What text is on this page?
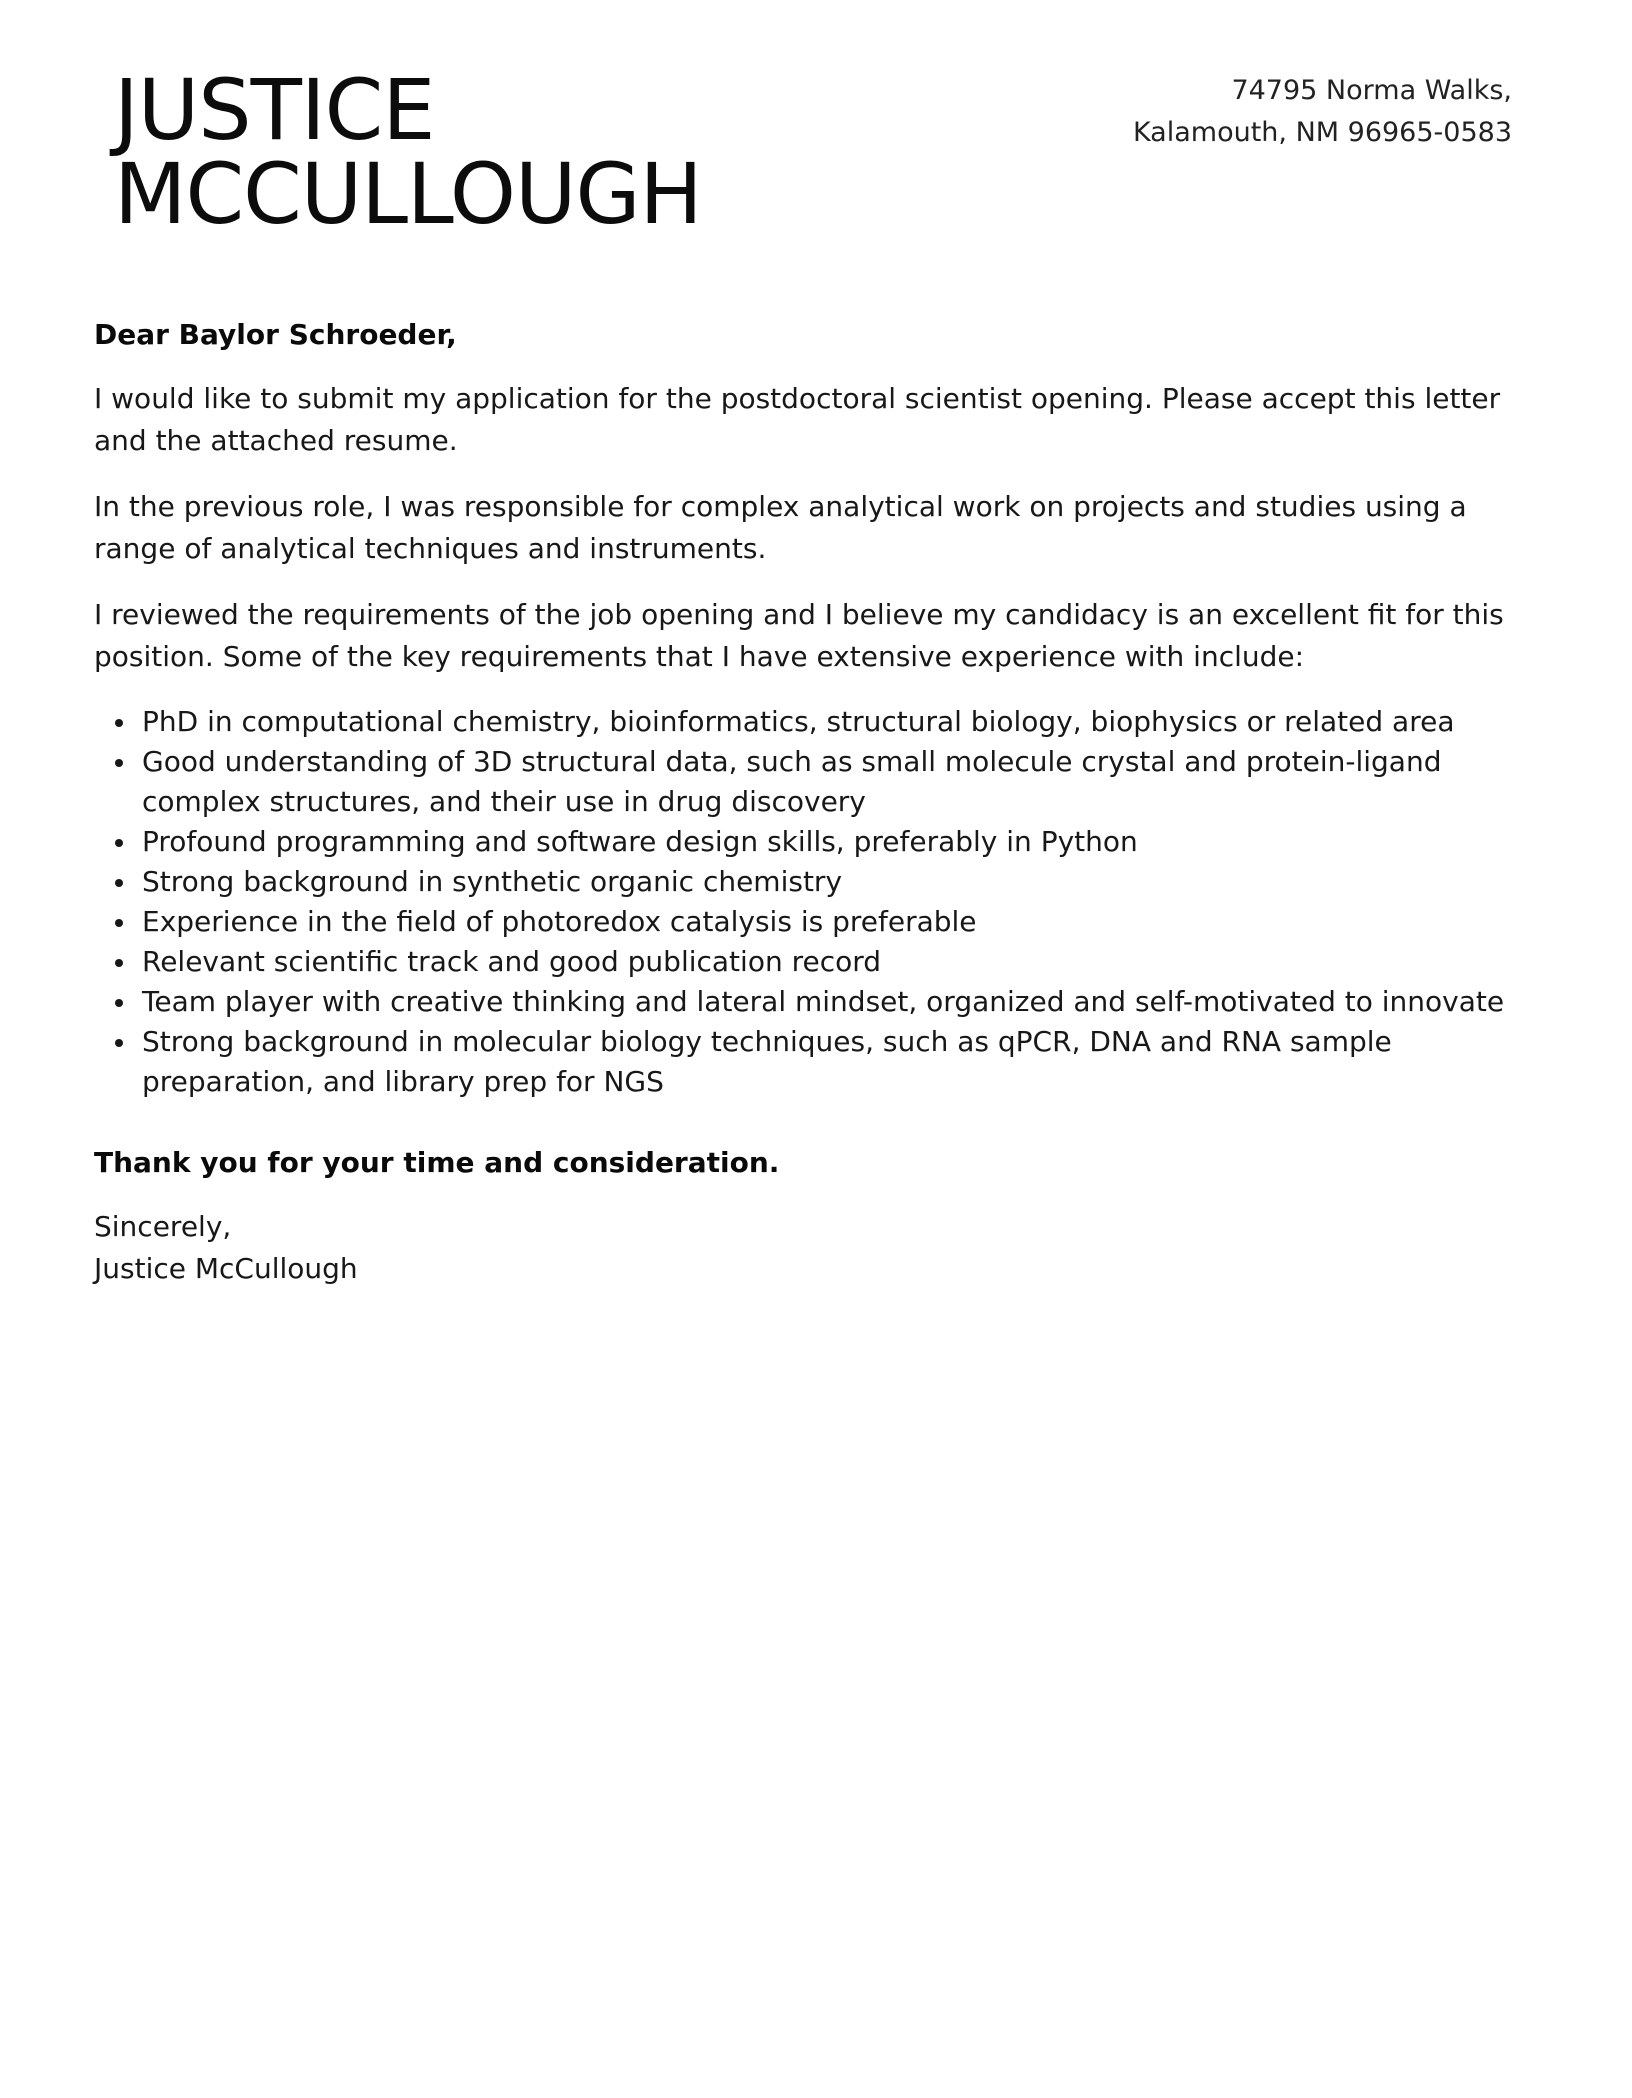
JUSTICE
MCCULLOUGH
74795 Norma Walks,
Kalamouth, NM 96965-0583

Dear Baylor Schroeder,

I would like to submit my application for the postdoctoral scientist opening. Please accept this letter and the attached resume.

In the previous role, I was responsible for complex analytical work on projects and studies using a range of analytical techniques and instruments.

I reviewed the requirements of the job opening and I believe my candidacy is an excellent fit for this position. Some of the key requirements that I have extensive experience with include:

PhD in computational chemistry, bioinformatics, structural biology, biophysics or related area
Good understanding of 3D structural data, such as small molecule crystal and protein-ligand complex structures, and their use in drug discovery
Profound programming and software design skills, preferably in Python
Strong background in synthetic organic chemistry
Experience in the field of photoredox catalysis is preferable
Relevant scientific track and good publication record
Team player with creative thinking and lateral mindset, organized and self-motivated to innovate
Strong background in molecular biology techniques, such as qPCR, DNA and RNA sample preparation, and library prep for NGS

Thank you for your time and consideration.

Sincerely,
Justice McCullough
